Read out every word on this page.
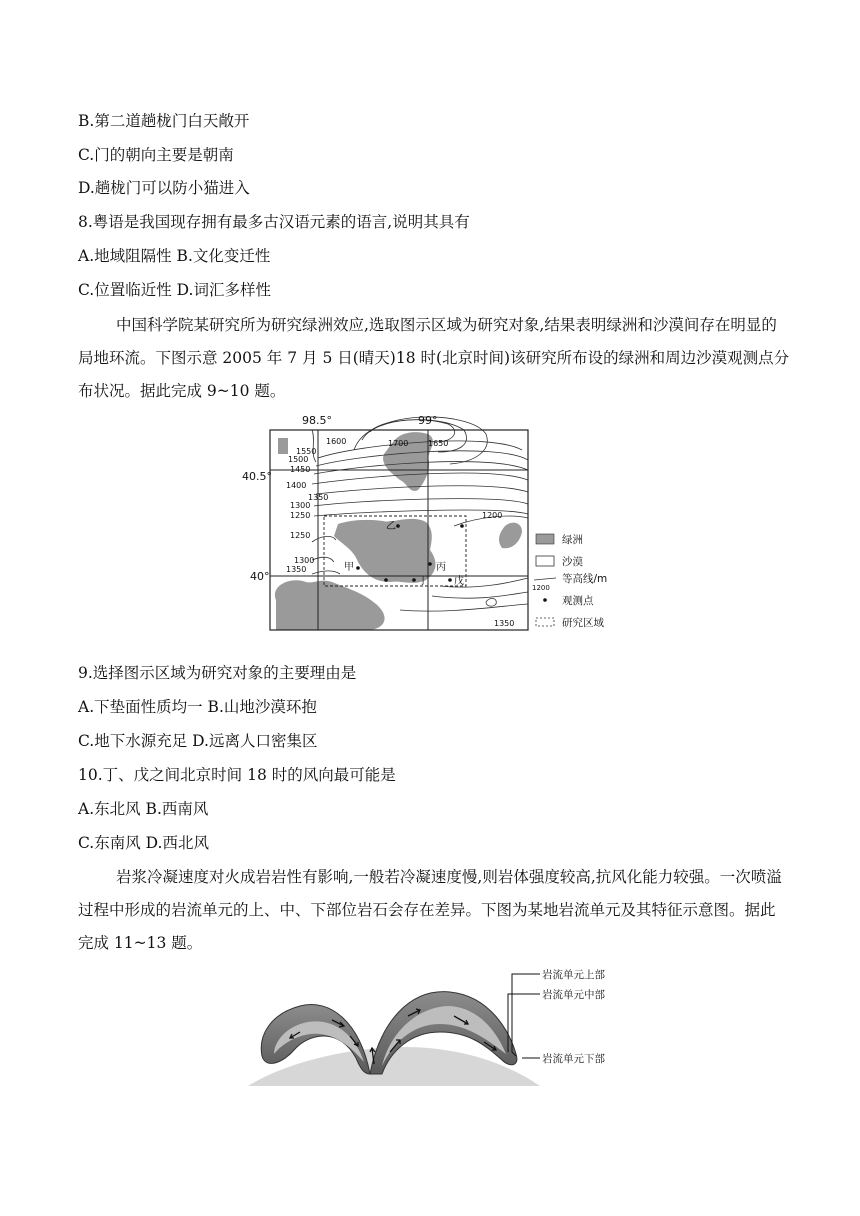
B.第二道趟栊门白天敞开
C.门的朝向主要是朝南
D.趟栊门可以防小猫进入
8.粤语是我国现存拥有最多古汉语元素的语言,说明其具有
A.地域阻隔性 B.文化变迁性
C.位置临近性 D.词汇多样性
中国科学院某研究所为研究绿洲效应,选取图示区域为研究对象,结果表明绿洲和沙漠间存在明显的局地环流。下图示意 2005 年 7 月 5 日(晴天)18 时(北京时间)该研究所布设的绿洲和周边沙漠观测点分布状况。据此完成 9~10 题。
98.5°	99°
40.5°
40°
1600	1700 1650
1550
1500
1450
1400
1350
1300
1250	1200
1250
1300
1350
1350
乙
甲	丙
丁	戊
绿洲
沙漠
等高线/m
观测点
研究区域
1200
9.选择图示区域为研究对象的主要理由是
A.下垫面性质均一 B.山地沙漠环抱
C.地下水源充足 D.远离人口密集区
10.丁、戊之间北京时间 18 时的风向最可能是
A.东北风 B.西南风
C.东南风 D.西北风
岩浆冷凝速度对火成岩岩性有影响,一般若冷凝速度慢,则岩体强度较高,抗风化能力较强。一次喷溢过程中形成的岩流单元的上、中、下部位岩石会存在差异。下图为某地岩流单元及其特征示意图。据此完成 11~13 题。
岩流单元上部
岩流单元中部
岩流单元下部
